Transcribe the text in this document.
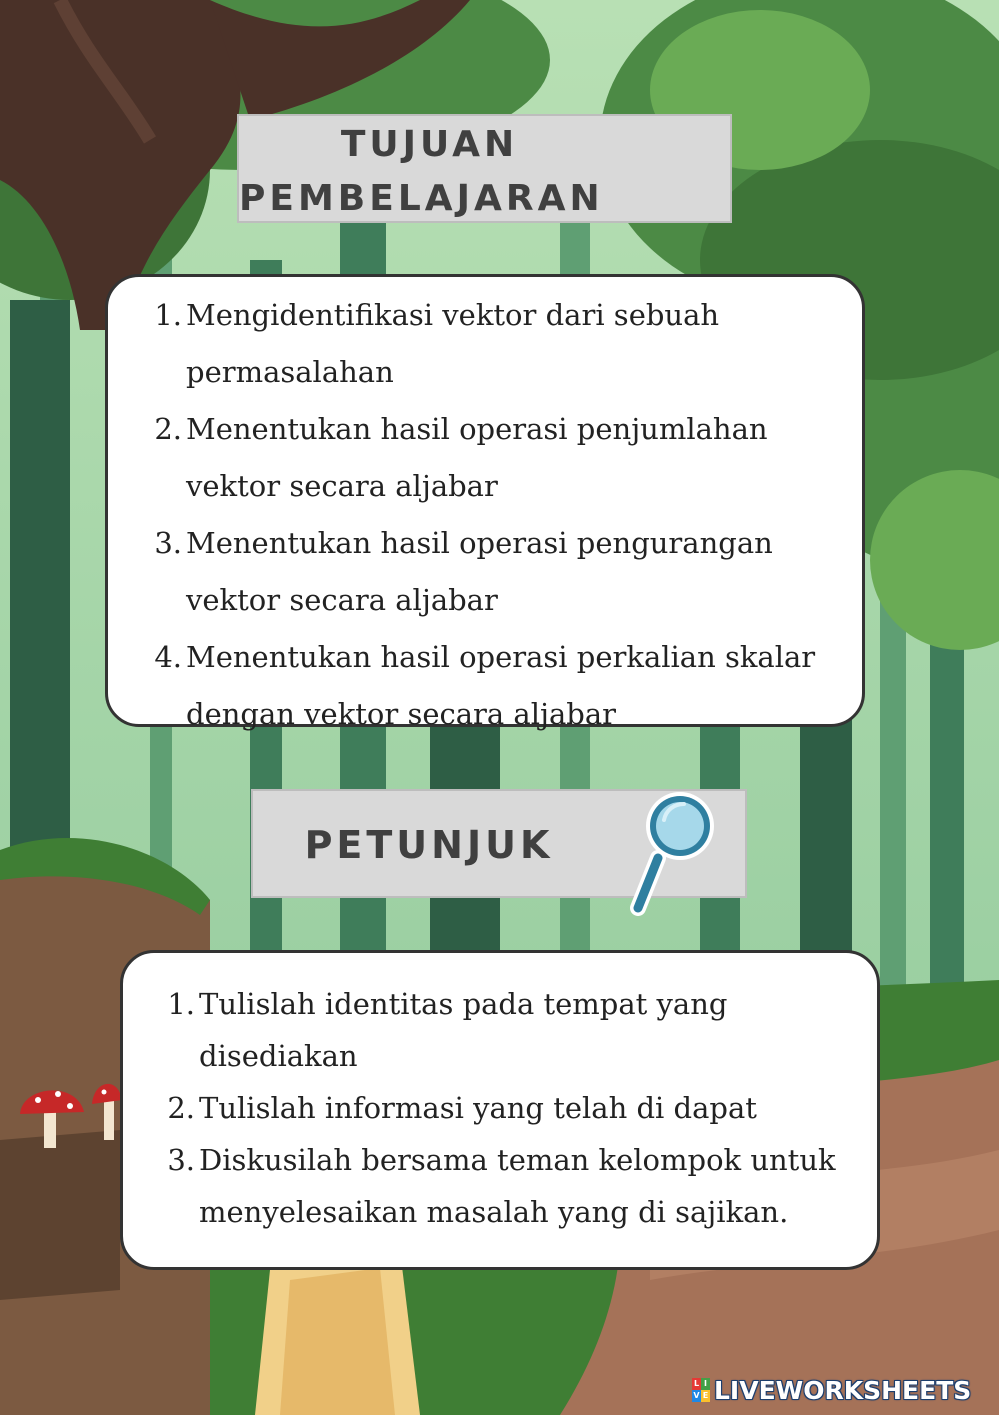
TUJUAN
PEMBELAJARAN
1. Mengidentifikasi vektor dari sebuah
permasalahan
2. Menentukan hasil operasi penjumlahan
vektor secara aljabar
3. Menentukan hasil operasi pengurangan
vektor secara aljabar
4. Menentukan hasil operasi perkalian skalar
dengan vektor secara aljabar
PETUNJUK
1. Tulislah identitas pada tempat yang
disediakan
2. Tulislah informasi yang telah di dapat
3. Diskusilah bersama teman kelompok untuk
menyelesaikan masalah yang di sajikan.
L I
V E LIVEWORKSHEETS
